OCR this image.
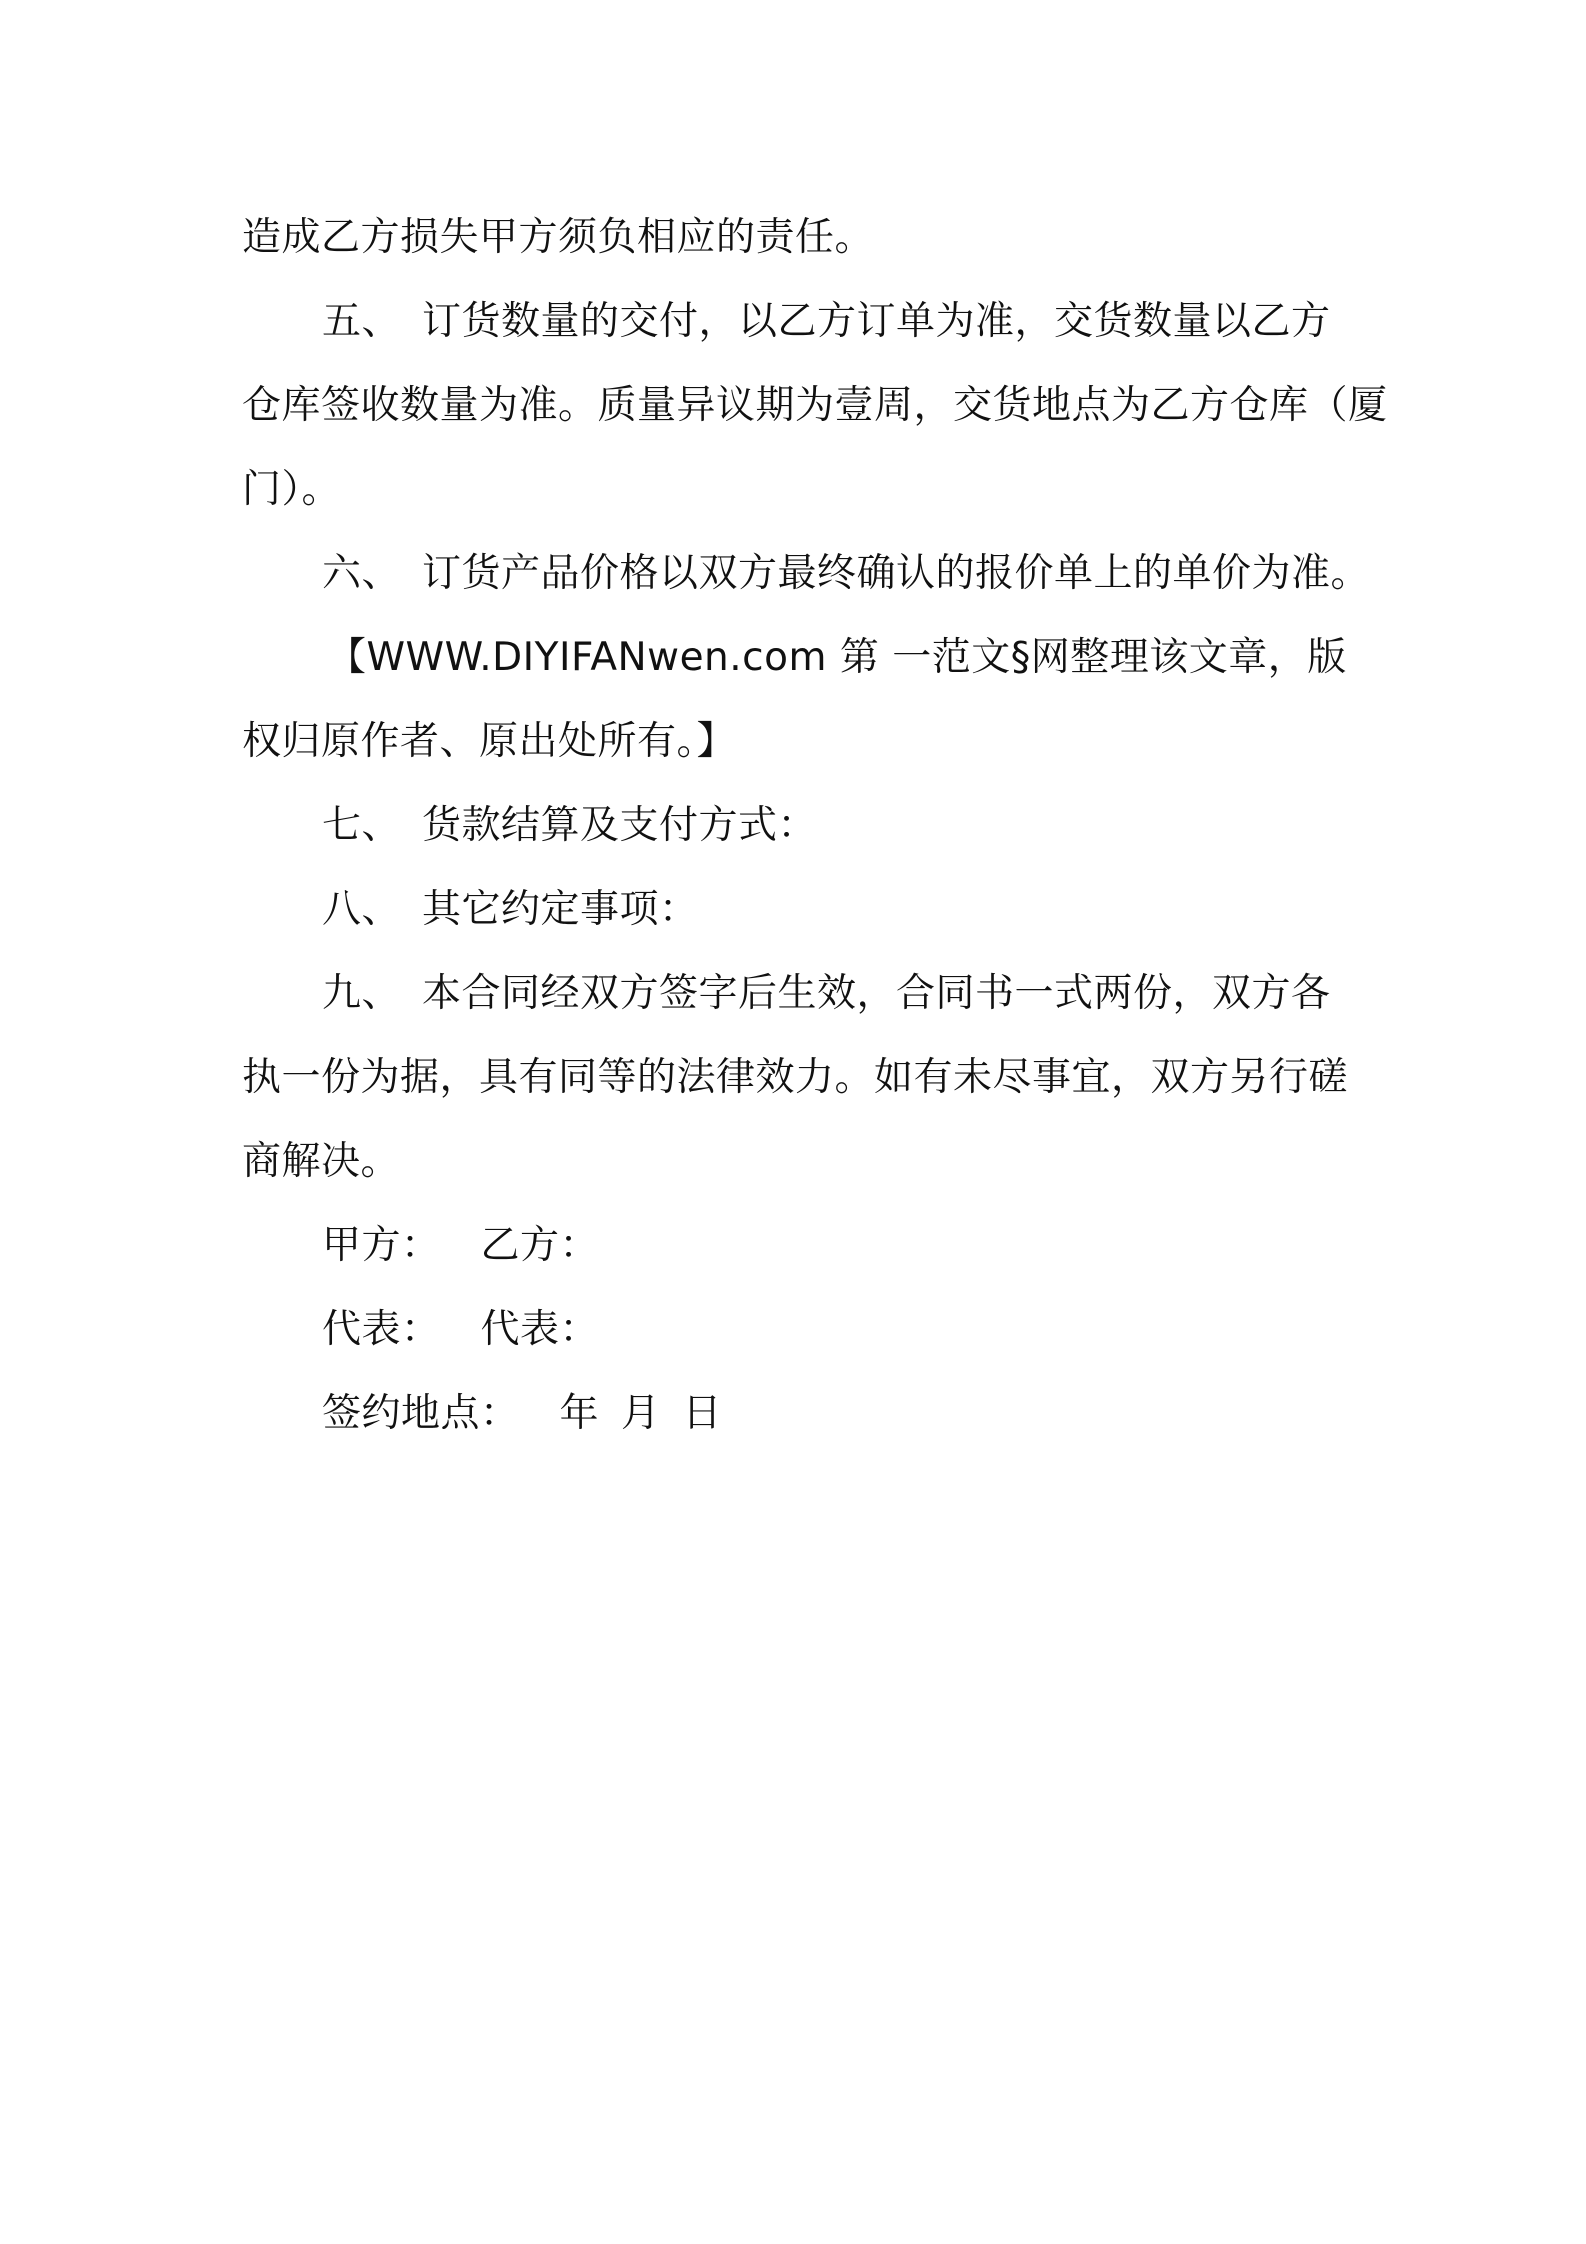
造成乙方损失甲方须负相应的责任。
五、 订货数量的交付，以乙方订单为准，交货数量以乙方
仓库签收数量为准。质量异议期为壹周，交货地点为乙方仓库（厦
门）。
六、 订货产品价格以双方最终确认的报价单上的单价为准。
【WWW.DIYIFANwen.com 第 一范文§网整理该文章，版
权归原作者、原出处所有。】
七、 货款结算及支付方式：
八、 其它约定事项：
九、 本合同经双方签字后生效，合同书一式两份，双方各
执一份为据，具有同等的法律效力。如有未尽事宜，双方另行磋
商解决。
甲方： 乙方：
代表： 代表：
签约地点： 年 月 日
